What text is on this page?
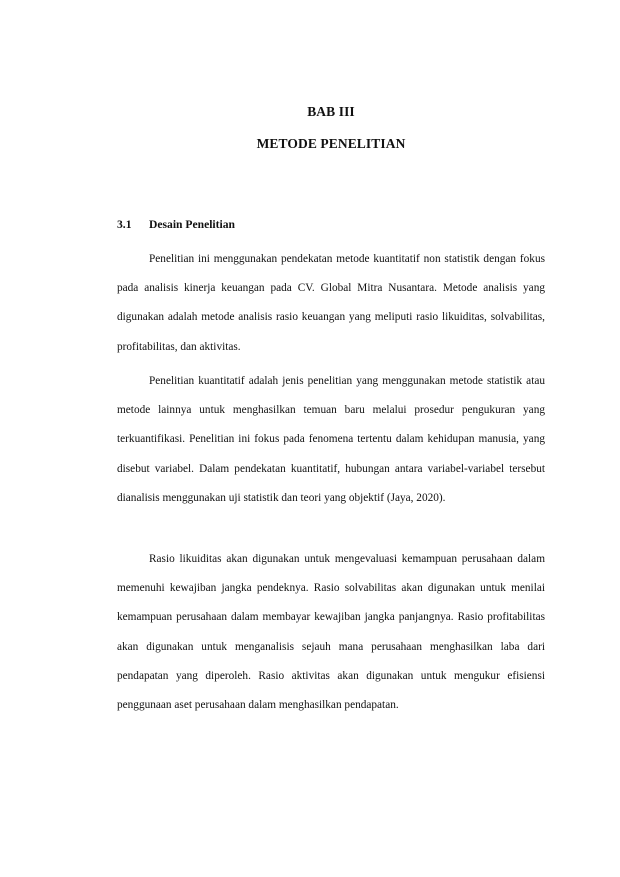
BAB III
METODE PENELITIAN
3.1 Desain Penelitian

Penelitian ini menggunakan pendekatan metode kuantitatif non statistik dengan fokus pada analisis kinerja keuangan pada CV. Global Mitra Nusantara. Metode analisis yang digunakan adalah metode analisis rasio keuangan yang meliputi rasio likuiditas, solvabilitas, profitabilitas, dan aktivitas.

Penelitian kuantitatif adalah jenis penelitian yang menggunakan metode statistik atau metode lainnya untuk menghasilkan temuan baru melalui prosedur pengukuran yang terkuantifikasi. Penelitian ini fokus pada fenomena tertentu dalam kehidupan manusia, yang disebut variabel. Dalam pendekatan kuantitatif, hubungan antara variabel-variabel tersebut dianalisis menggunakan uji statistik dan teori yang objektif (Jaya, 2020).

Rasio likuiditas akan digunakan untuk mengevaluasi kemampuan perusahaan dalam memenuhi kewajiban jangka pendeknya. Rasio solvabilitas akan digunakan untuk menilai kemampuan perusahaan dalam membayar kewajiban jangka panjangnya. Rasio profitabilitas akan digunakan untuk menganalisis sejauh mana perusahaan menghasilkan laba dari pendapatan yang diperoleh. Rasio aktivitas akan digunakan untuk mengukur efisiensi penggunaan aset perusahaan dalam menghasilkan pendapatan.
